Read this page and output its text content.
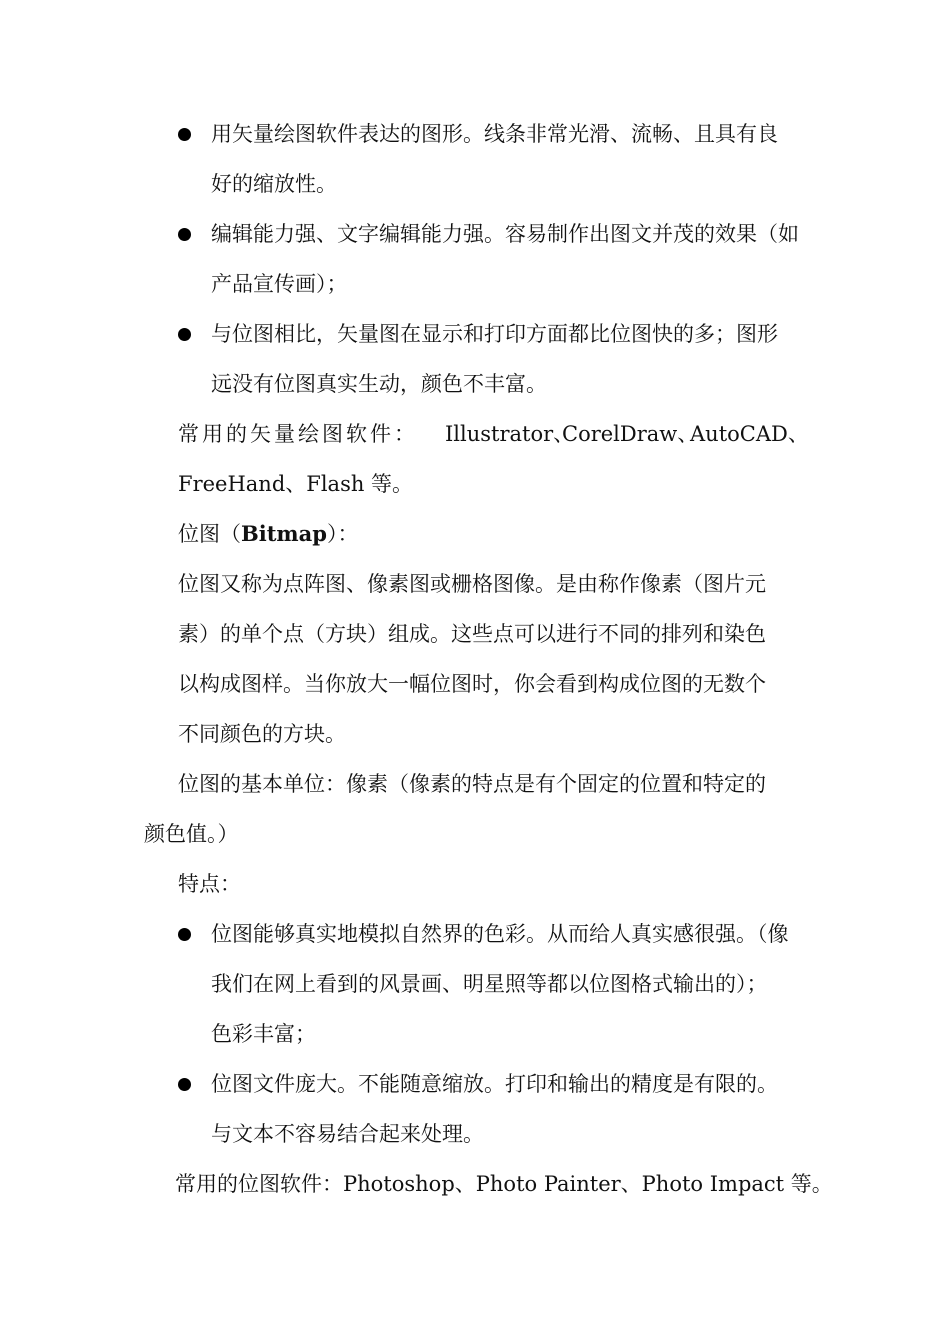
用矢量绘图软件表达的图形。线条非常光滑、流畅、且具有良
好的缩放性。
编辑能力强、文字编辑能力强。容易制作出图文并茂的效果（如
产品宣传画）；
与位图相比，矢量图在显示和打印方面都比位图快的多；图形
远没有位图真实生动，颜色不丰富。
常用的矢量绘图软件： Illustrator、
CorelDraw、
AutoCAD、
FreeHand、Flash 等。
位图（Bitmap）：
位图又称为点阵图、像素图或栅格图像。是由称作像素（图片元
素）的单个点（方块）组成。这些点可以进行不同的排列和染色
以构成图样。当你放大一幅位图时，你会看到构成位图的无数个
不同颜色的方块。
位图的基本单位：像素（像素的特点是有个固定的位置和特定的
颜色值。）
特点：
位图能够真实地模拟自然界的色彩。从而给人真实感很强。（像
我们在网上看到的风景画、明星照等都以位图格式输出的）；
色彩丰富；
位图文件庞大。不能随意缩放。打印和输出的精度是有限的。
与文本不容易结合起来处理。
常用的位图软件：Photoshop、Photo Painter、Photo Impact 等。
